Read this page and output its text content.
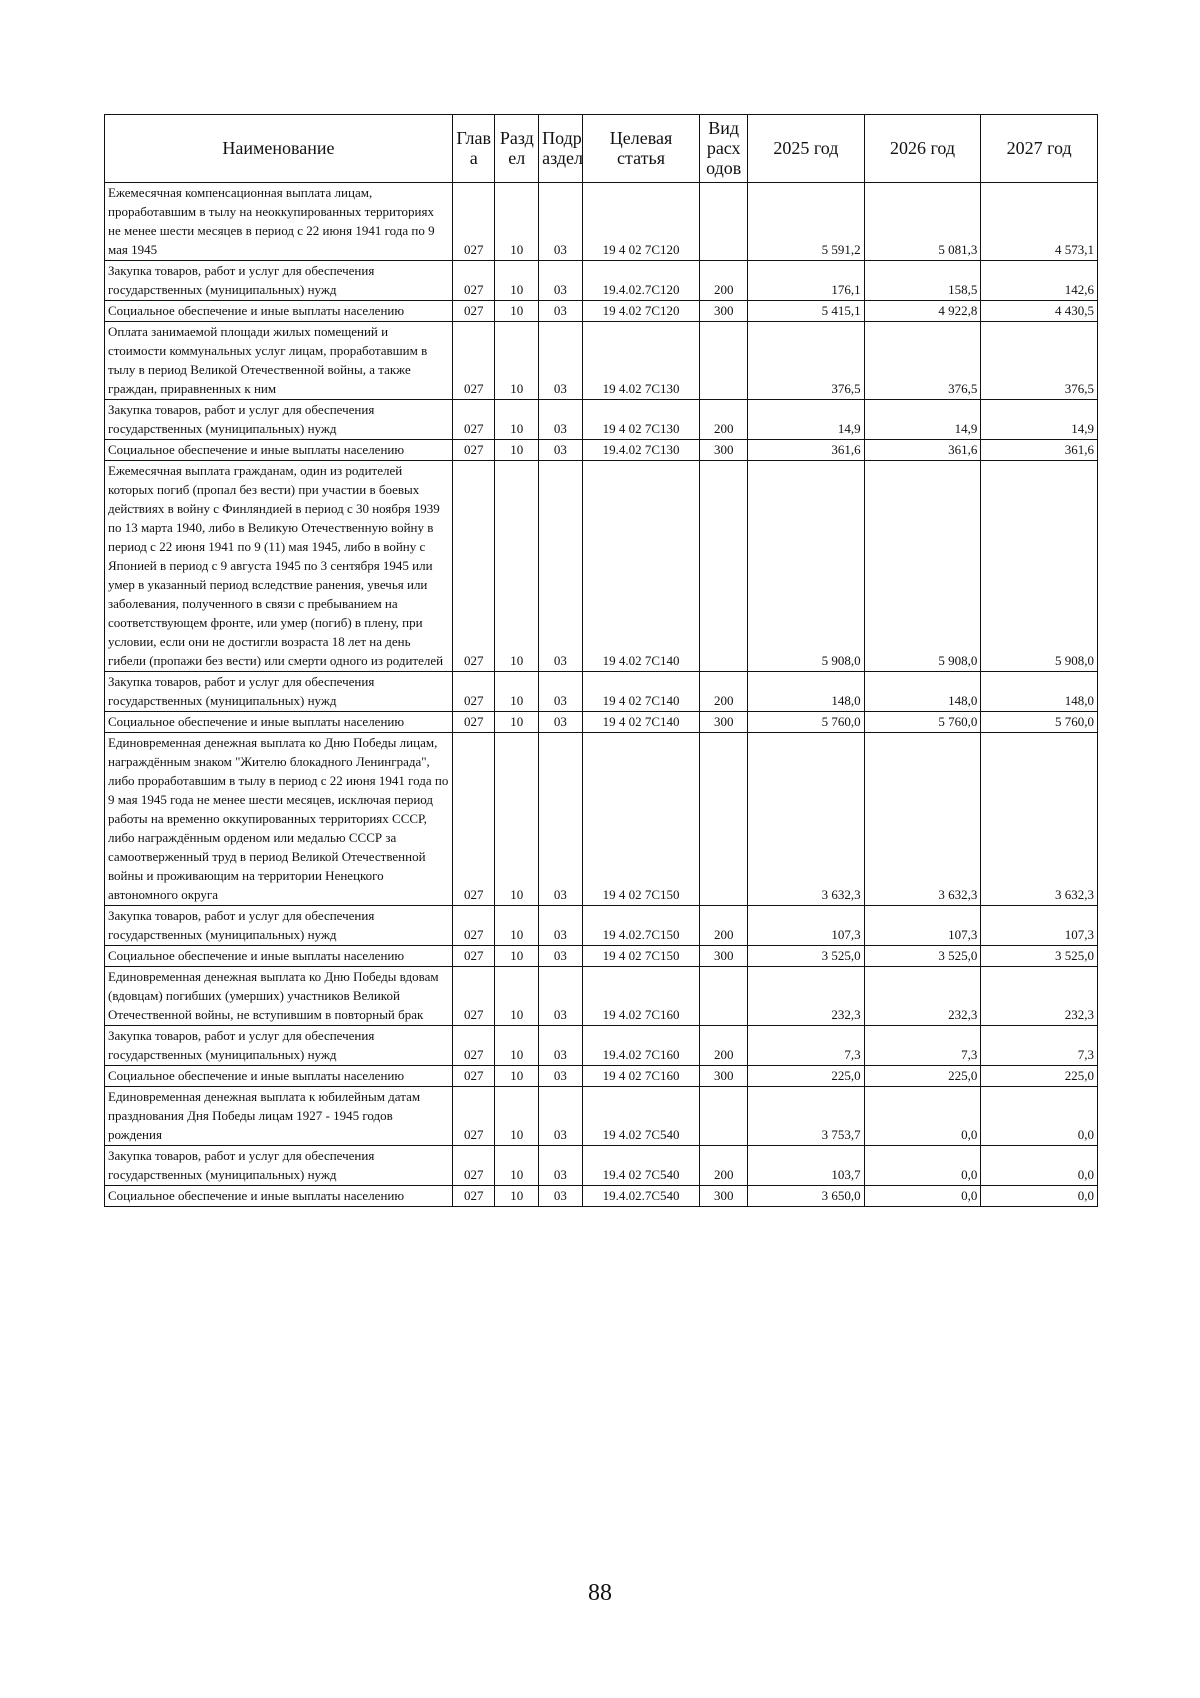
Наименование	Глав а	Разд ел	Подр аздел	Целевая статья	Вид расх одов	2025 год	2026 год	2027 год
Ежемесячная компенсационная выплата лицам, проработавшим в тылу на неоккупированных территориях не менее шести месяцев в период с 22 июня 1941 года по 9 мая 1945	027	10	03	19 4 02 7С120		5 591,2	5 081,3	4 573,1
Закупка товаров, работ и услуг для обеспечения государственных (муниципальных) нужд	027	10	03	19.4.02.7С120	200	176,1	158,5	142,6
Социальное обеспечение и иные выплаты населению	027	10	03	19 4.02 7С120	300	5 415,1	4 922,8	4 430,5
Оплата занимаемой площади жилых помещений и стоимости коммунальных услуг лицам, проработавшим в тылу в период Великой Отечественной войны, а также граждан, приравненных к ним	027	10	03	19 4.02 7С130		376,5	376,5	376,5
Закупка товаров, работ и услуг для обеспечения государственных (муниципальных) нужд	027	10	03	19 4 02 7С130	200	14,9	14,9	14,9
Социальное обеспечение и иные выплаты населению	027	10	03	19.4.02 7С130	300	361,6	361,6	361,6
Ежемесячная выплата гражданам, один из родителей которых погиб (пропал без вести) при участии в боевых действиях в войну с Финляндией в период с 30 ноября 1939 по 13 марта 1940, либо в Великую Отечественную войну в период с 22 июня 1941 по 9 (11) мая 1945, либо в войну с Японией в период с 9 августа 1945 по 3 сентября 1945 или умер в указанный период вследствие ранения, увечья или заболевания, полученного в связи с пребыванием на соответствующем фронте, или умер (погиб) в плену, при условии, если они не достигли возраста 18 лет на день гибели (пропажи без вести) или смерти одного из родителей	027	10	03	19 4.02 7С140		5 908,0	5 908,0	5 908,0
Закупка товаров, работ и услуг для обеспечения государственных (муниципальных) нужд	027	10	03	19 4 02 7С140	200	148,0	148,0	148,0
Социальное обеспечение и иные выплаты населению	027	10	03	19 4 02 7С140	300	5 760,0	5 760,0	5 760,0
Единовременная денежная выплата ко Дню Победы лицам, награждённым знаком "Жителю блокадного Ленинграда", либо проработавшим в тылу в период с 22 июня 1941 года по 9 мая 1945 года не менее шести месяцев, исключая период работы на временно оккупированных территориях СССР, либо награждённым орденом или медалью СССР за самоотверженный труд в период Великой Отечественной войны и проживающим на территории Ненецкого автономного округа	027	10	03	19 4 02 7С150		3 632,3	3 632,3	3 632,3
Закупка товаров, работ и услуг для обеспечения государственных (муниципальных) нужд	027	10	03	19 4.02.7С150	200	107,3	107,3	107,3
Социальное обеспечение и иные выплаты населению	027	10	03	19 4 02 7С150	300	3 525,0	3 525,0	3 525,0
Единовременная денежная выплата ко Дню Победы вдовам (вдовцам) погибших (умерших) участников Великой Отечественной войны, не вступившим в повторный брак	027	10	03	19 4.02 7С160		232,3	232,3	232,3
Закупка товаров, работ и услуг для обеспечения государственных (муниципальных) нужд	027	10	03	19.4.02 7С160	200	7,3	7,3	7,3
Социальное обеспечение и иные выплаты населению	027	10	03	19 4 02 7С160	300	225,0	225,0	225,0
Единовременная денежная выплата к юбилейным датам празднования Дня Победы лицам 1927 - 1945 годов рождения	027	10	03	19 4.02 7С540		3 753,7	0,0	0,0
Закупка товаров, работ и услуг для обеспечения государственных (муниципальных) нужд	027	10	03	19.4 02 7С540	200	103,7	0,0	0,0
Социальное обеспечение и иные выплаты населению	027	10	03	19.4.02.7С540	300	3 650,0	0,0	0,0
88
